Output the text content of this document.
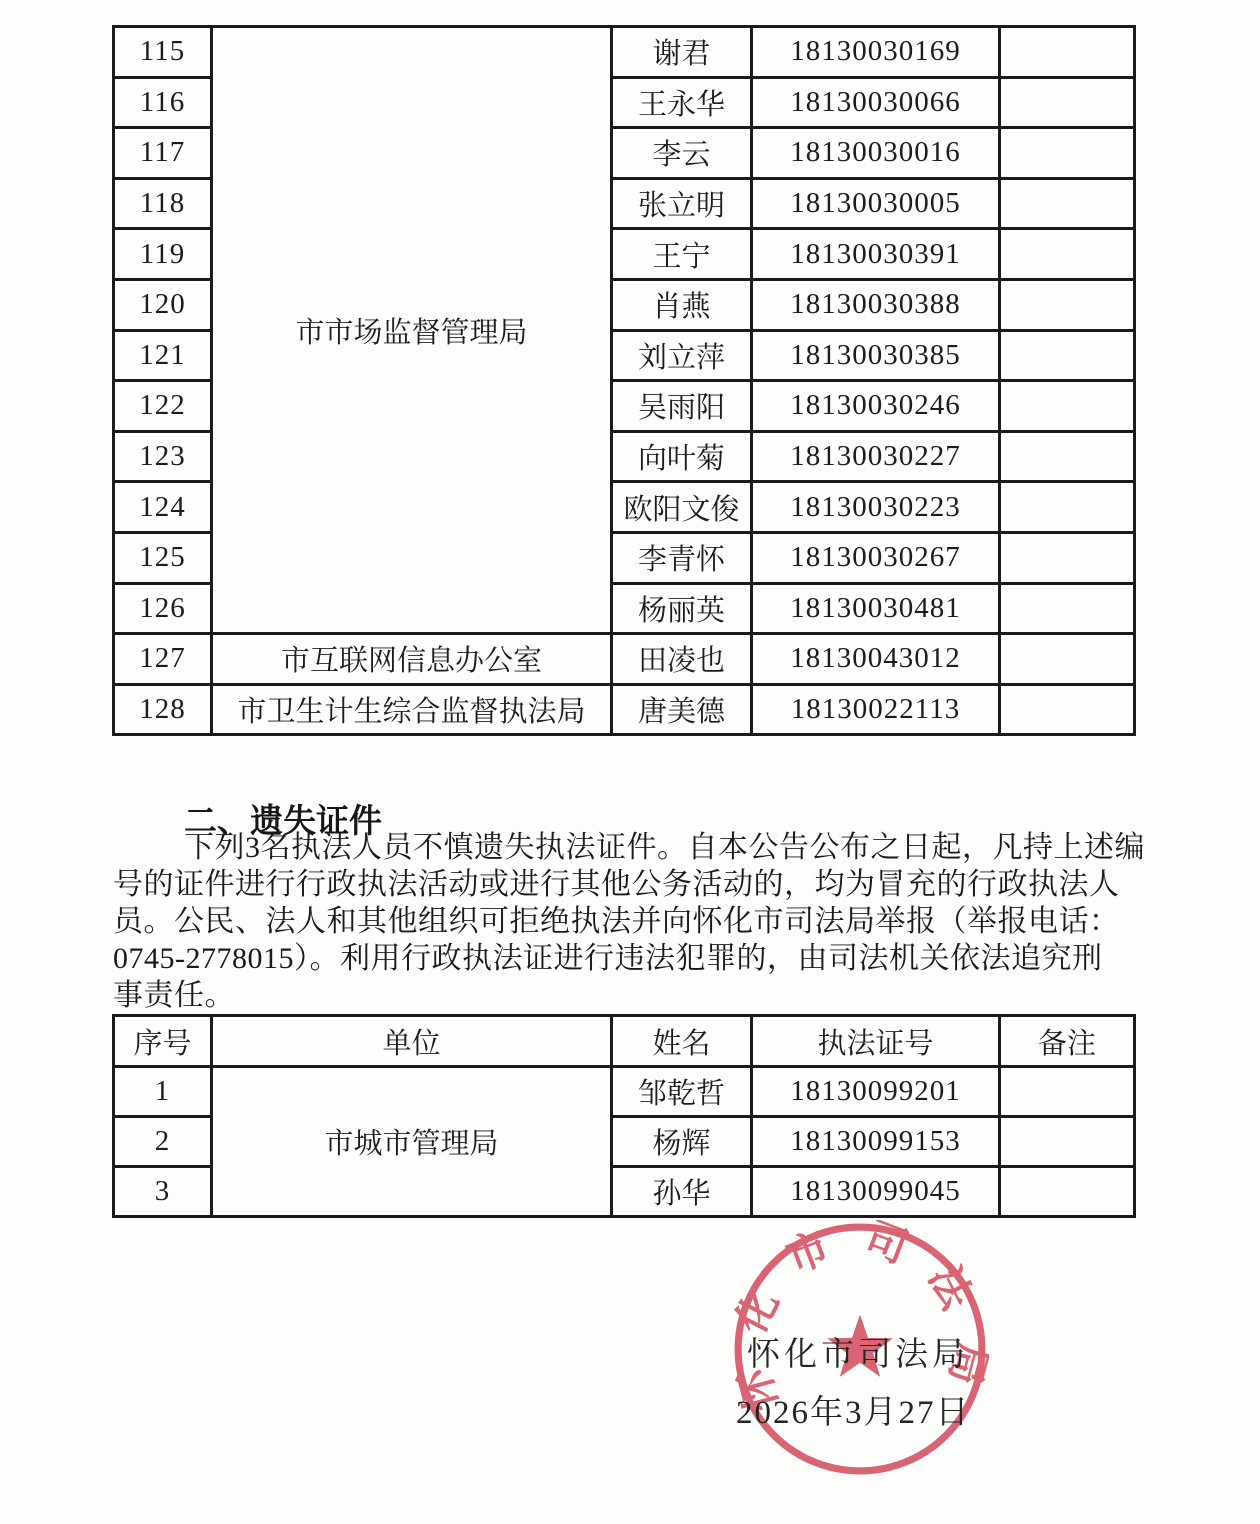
115	市市场监督管理局	谢君	18130030169	
116		王永华	18130030066	
117		李云	18130030016	
118		张立明	18130030005	
119		王宁	18130030391	
120		肖燕	18130030388	
121		刘立萍	18130030385	
122		吴雨阳	18130030246	
123		向叶菊	18130030227	
124		欧阳文俊	18130030223	
125		李青怀	18130030267	
126		杨丽英	18130030481	
127	市互联网信息办公室	田凌也	18130043012	
128	市卫生计生综合监督执法局	唐美德	18130022113	
二、遗失证件
下列3名执法人员不慎遗失执法证件。自本公告公布之日起，凡持上述编
号的证件进行行政执法活动或进行其他公务活动的，均为冒充的行政执法人
员。公民、法人和其他组织可拒绝执法并向怀化市司法局举报（举报电话：
0745-2778015）。利用行政执法证进行违法犯罪的，由司法机关依法追究刑
事责任。
序号	单位	姓名	执法证号	备注
1	市城市管理局	邹乾哲	18130099201	
2		杨辉	18130099153	
3		孙华	18130099045	
怀化市司法局
怀化市司法局
2026年3月27日
